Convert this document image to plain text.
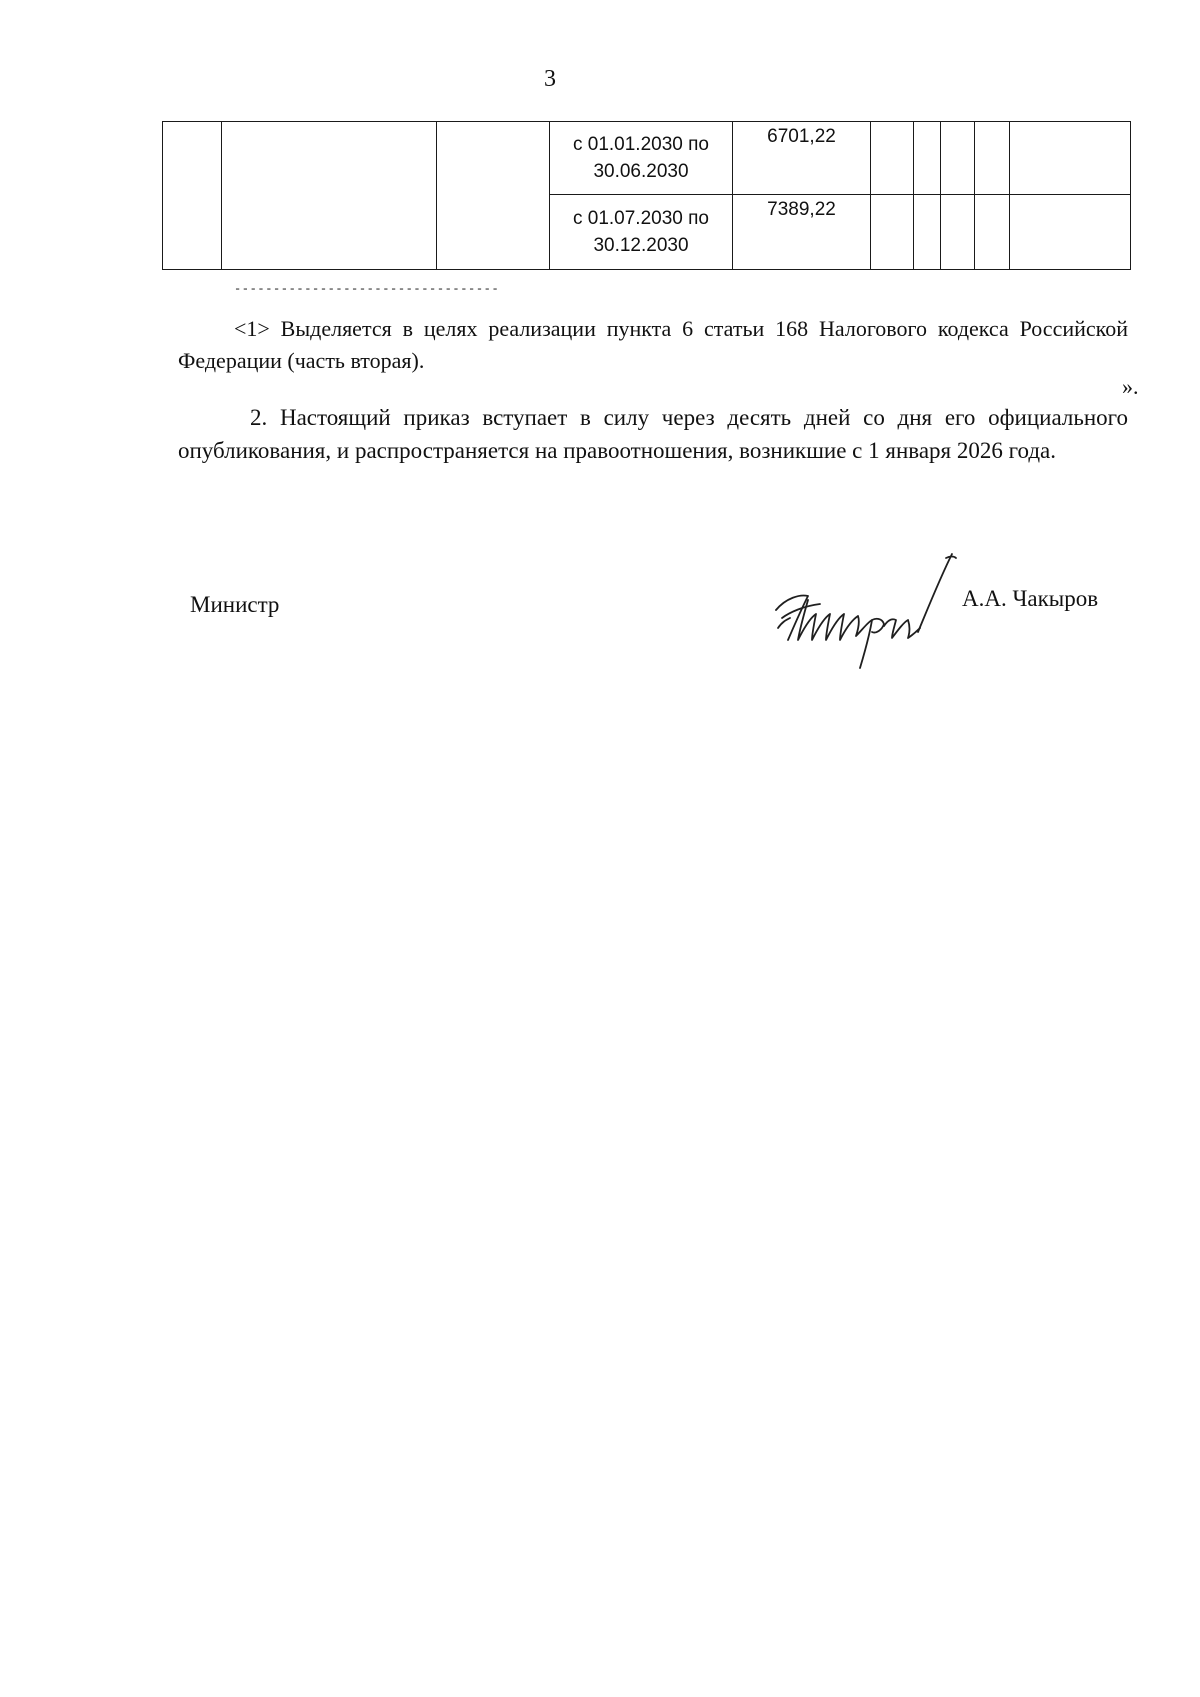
3

			с 01.01.2030 по
30.06.2030	6701,22					

			с 01.07.2030 по
30.12.2030	7389,22					
----------------------------------
<1> Выделяется в целях реализации пункта 6 статьи 168 Налогового кодекса Российской Федерации (часть вторая).
».
2. Настоящий приказ вступает в силу через десять дней со дня его официального опубликования, и распространяется на правоотношения, возникшие с 1 января 2026 года.
Министр	А.А. Чакыров
